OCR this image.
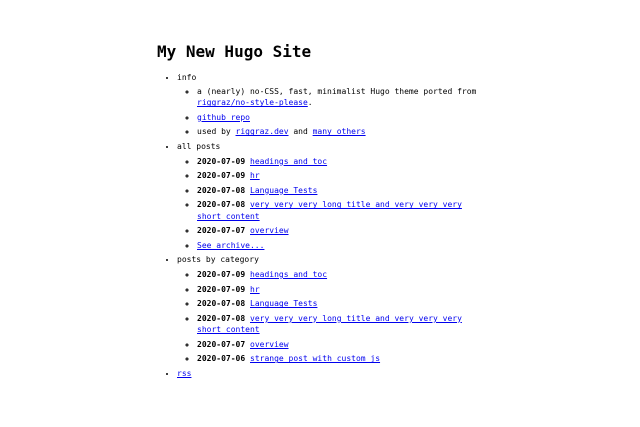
My New Hugo Site
• info
◦ a (nearly) no-CSS, fast, minimalist Hugo theme ported from riggraz/no-style-please.
◦ github repo
◦ used by riggraz.dev and many others
• all posts
◦ 2020-07-09 headings and toc
◦ 2020-07-09 hr
◦ 2020-07-08 Language Tests
◦ 2020-07-08 very very very long title and very very very short content
◦ 2020-07-07 overview
◦ See archive...
• posts by category
◦ 2020-07-09 headings and toc
◦ 2020-07-09 hr
◦ 2020-07-08 Language Tests
◦ 2020-07-08 very very very long title and very very very short content
◦ 2020-07-07 overview
◦ 2020-07-06 strange post with custom js
• rss
